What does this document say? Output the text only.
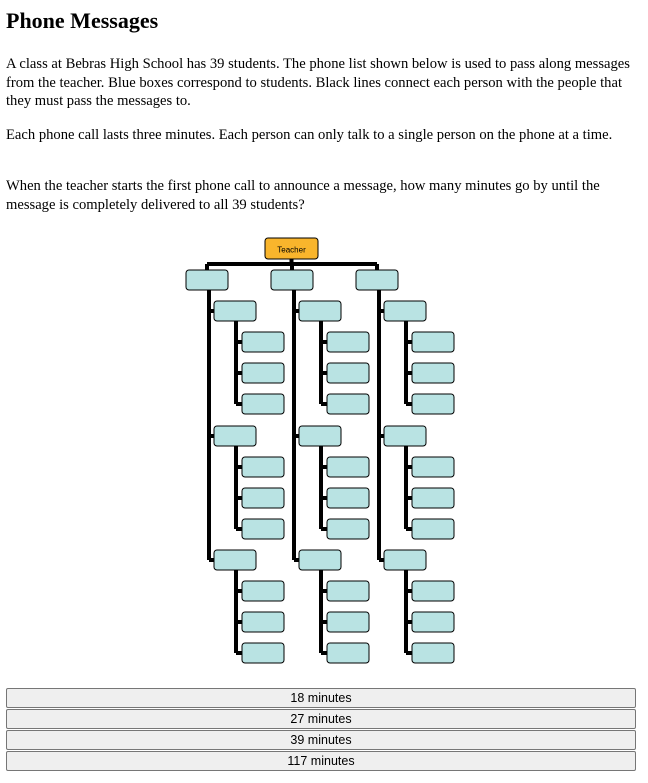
Phone Messages

A class at Bebras High School has 39 students. The phone list shown below is used to pass along messages from the teacher. Blue boxes correspond to students. Black lines connect each person with the people that they must pass the messages to.

Each phone call lasts three minutes. Each person can only talk to a single person on the phone at a time.

When the teacher starts the first phone call to announce a message, how many minutes go by until the message is completely delivered to all 39 students?

Teacher
18 minutes
27 minutes
39 minutes
117 minutes
